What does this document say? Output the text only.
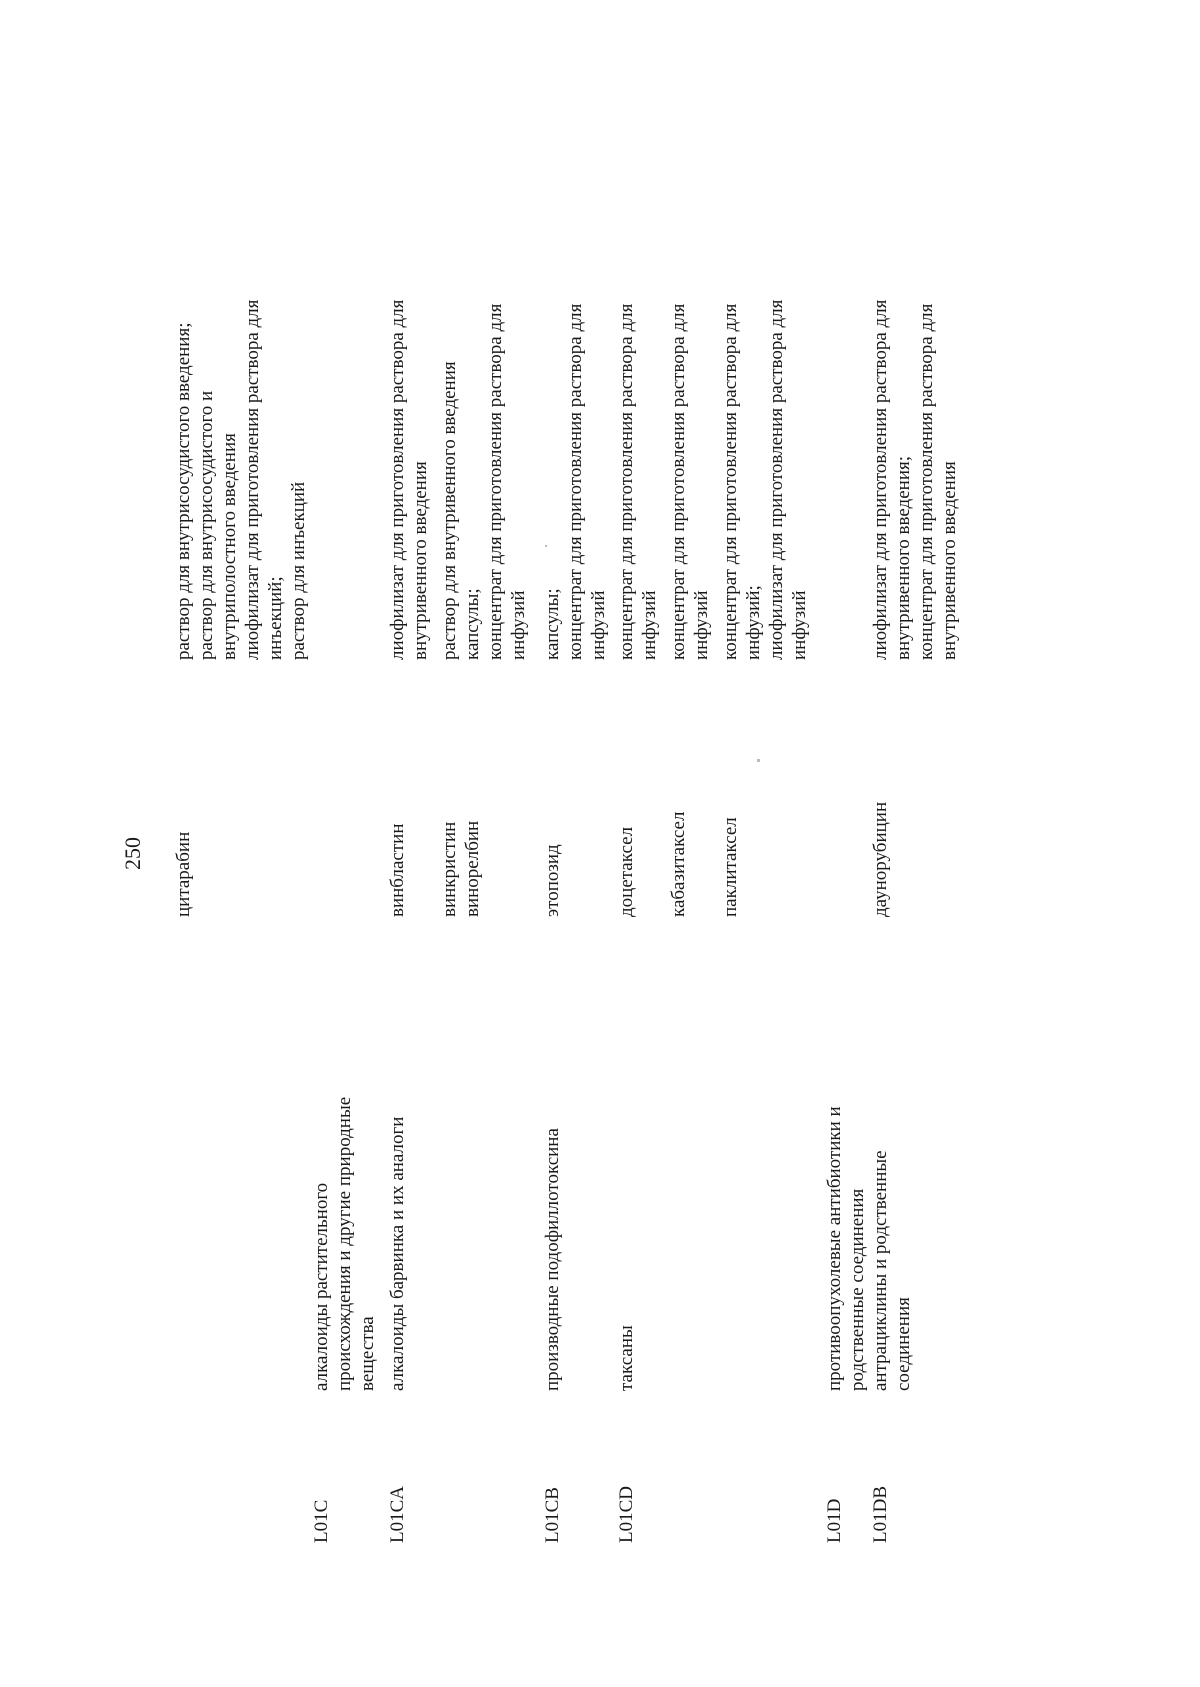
250 цитарабин
раствор для внутрисосудистого введения; раствор для внутрисосудистого и внутриполостного введения лиофилизат для приготовления раствора для инъекций; раствор для инъекций
L01C
алкалоиды растительного происхождения и другие природные вещества
L01CA
алкалоиды барвинка и их аналоги
винбластин
лиофилизат для приготовления раствора для внутривенного введения
винкристин
раствор для внутривенного введения
винорелбин
капсулы; концентрат для приготовления раствора для инфузий
L01CB
производные подофиллотоксина
этопозид
капсулы; концентрат для приготовления раствора для инфузий
L01CD
таксаны
доцетаксел
концентрат для приготовления раствора для инфузий
кабазитаксел
концентрат для приготовления раствора для инфузий
паклитаксел
концентрат для приготовления раствора для инфузий; лиофилизат для приготовления раствора для инфузий
L01D
противоопухолевые антибиотики и родственные соединения
L01DB
антрациклины и родственные соединения
даунорубицин
лиофилизат для приготовления раствора для внутривенного введения; концентрат для приготовления раствора для внутривенного введения
